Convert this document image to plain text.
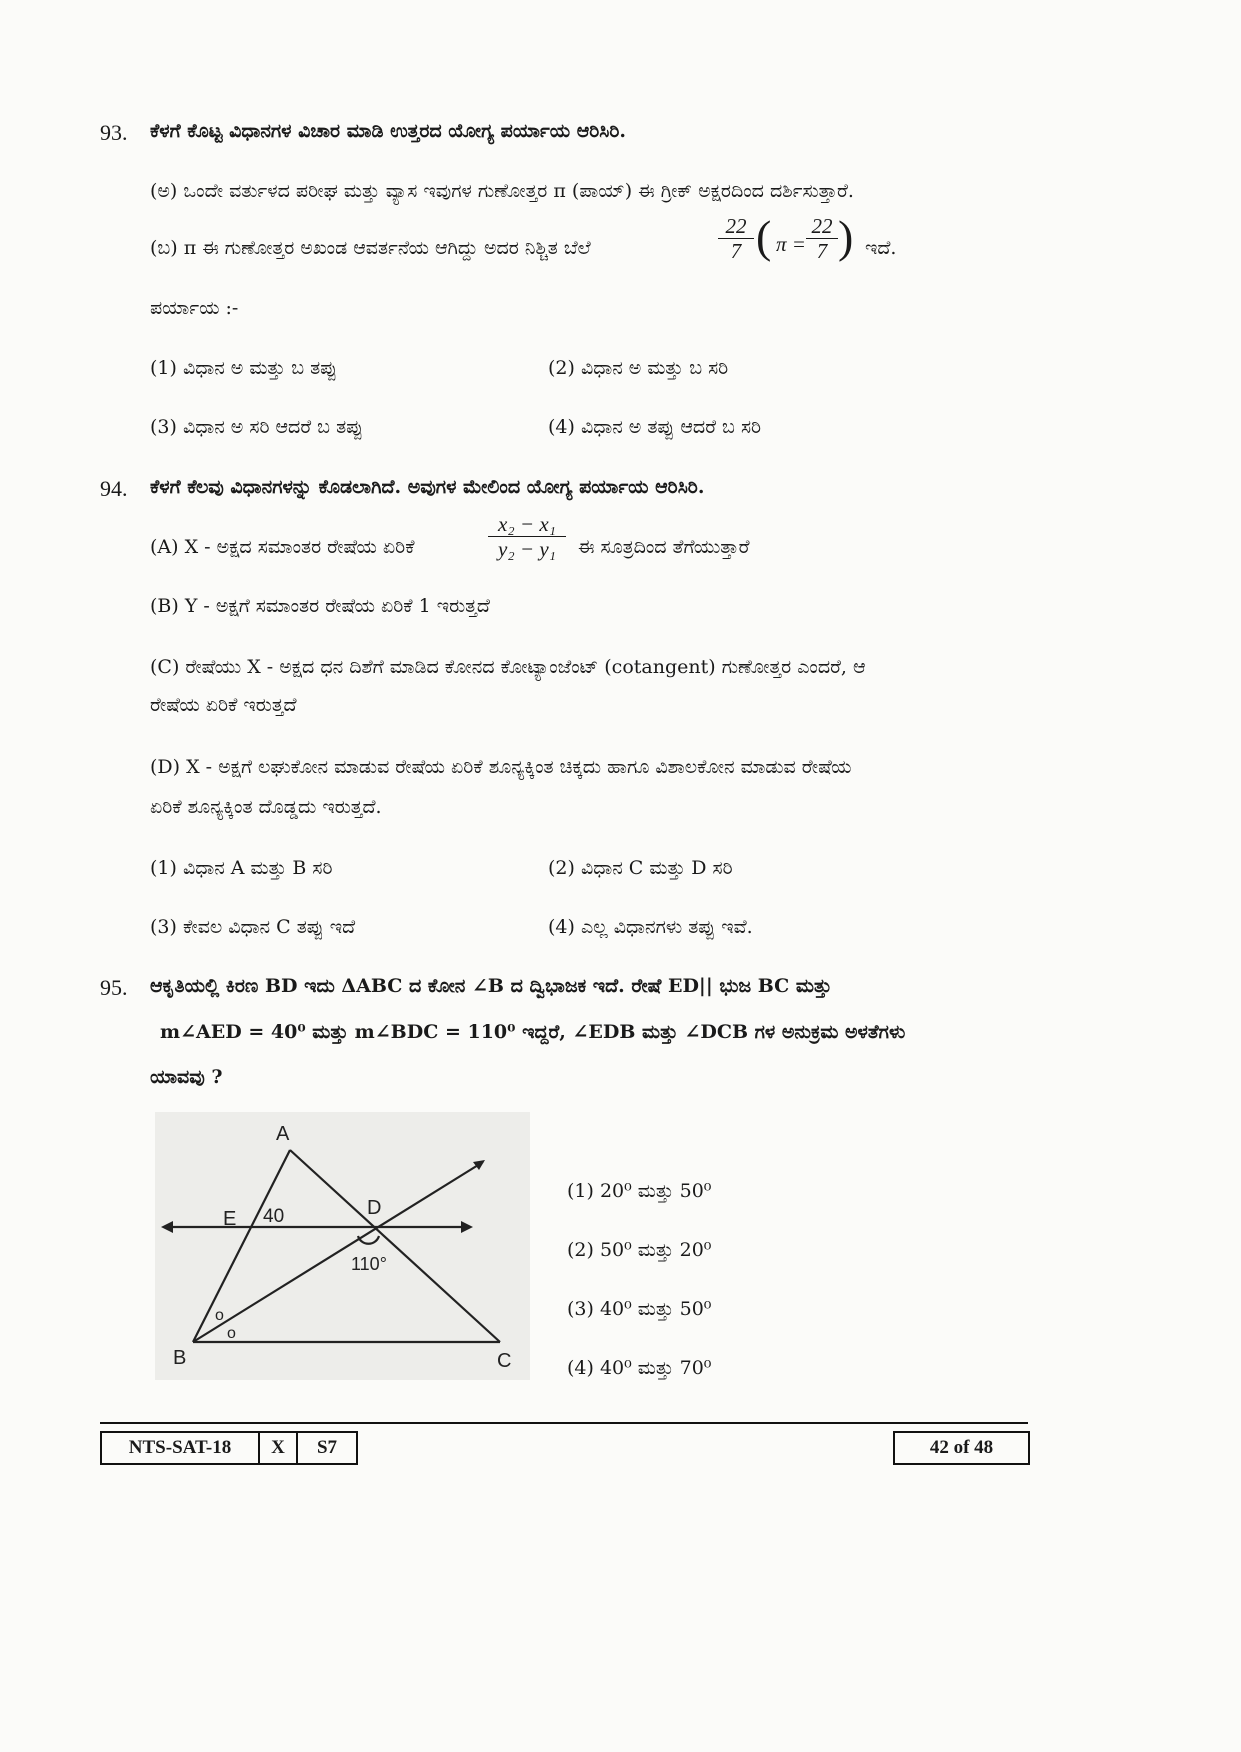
93. ಕೆಳಗೆ ಕೊಟ್ಟ ವಿಧಾನಗಳ ವಿಚಾರ ಮಾಡಿ ಉತ್ತರದ ಯೋಗ್ಯ ಪರ್ಯಾಯ ಆರಿಸಿರಿ.
(ಅ) ಒಂದೇ ವರ್ತುಳದ ಪರೀಘ ಮತ್ತು ವ್ಯಾಸ ಇವುಗಳ ಗುಣೋತ್ತರ π (ಪಾಯ್) ಈ ಗ್ರೀಕ್ ಅಕ್ಷರದಿಂದ ದರ್ಶಿಸುತ್ತಾರೆ.
(ಬ) π ಈ ಗುಣೋತ್ತರ ಅಖಂಡ ಆವರ್ತನೆಯ ಆಗಿದ್ದು ಅದರ ನಿಶ್ಚಿತ ಬೆಲೆ	$\frac{22}{7}$ ( $\pi = \frac{22}{7}$ ) ಇದೆ.
ಪರ್ಯಾಯ :-
(1) ವಿಧಾನ ಅ ಮತ್ತು ಬ ತಪ್ಪು	(2) ವಿಧಾನ ಅ ಮತ್ತು ಬ ಸರಿ
(3) ವಿಧಾನ ಅ ಸರಿ ಆದರೆ ಬ ತಪ್ಪು	(4) ವಿಧಾನ ಅ ತಪ್ಪು ಆದರೆ ಬ ಸರಿ
94. ಕೆಳಗೆ ಕೆಲವು ವಿಧಾನಗಳನ್ನು ಕೊಡಲಾಗಿದೆ. ಅವುಗಳ ಮೇಲಿಂದ ಯೋಗ್ಯ ಪರ್ಯಾಯ ಆರಿಸಿರಿ.
(A) X - ಅಕ್ಷದ ಸಮಾಂತರ ರೇಷೆಯ ಏರಿಕೆ	$\frac{\text{x₂ − x₁}}{\text{y₂ − y₁}}$ ಈ ಸೂತ್ರದಿಂದ ತೆಗೆಯುತ್ತಾರೆ
(B) Y - ಅಕ್ಷಗೆ ಸಮಾಂತರ ರೇಷೆಯ ಏರಿಕೆ 1 ಇರುತ್ತದೆ
(C) ರೇಷೆಯು X - ಅಕ್ಷದ ಧನ ದಿಶೆಗೆ ಮಾಡಿದ ಕೋನದ ಕೋಟ್ಯಾಂಜೆಂಟ್ (cotangent) ಗುಣೋತ್ತರ ಎಂದರೆ, ಆ
ರೇಷೆಯ ಏರಿಕೆ ಇರುತ್ತದೆ
(D) X - ಅಕ್ಷಗೆ ಲಘುಕೋನ ಮಾಡುವ ರೇಷೆಯ ಏರಿಕೆ ಶೂನ್ಯಕ್ಕಿಂತ ಚಿಕ್ಕದು ಹಾಗೂ ವಿಶಾಲಕೋನ ಮಾಡುವ ರೇಷೆಯ
ಏರಿಕೆ ಶೂನ್ಯಕ್ಕಿಂತ ದೊಡ್ಡದು ಇರುತ್ತದೆ.
(1) ವಿಧಾನ A ಮತ್ತು B ಸರಿ	(2) ವಿಧಾನ C ಮತ್ತು D ಸರಿ
(3) ಕೇವಲ ವಿಧಾನ C ತಪ್ಪು ಇದೆ	(4) ಎಲ್ಲ ವಿಧಾನಗಳು ತಪ್ಪು ಇವೆ.
95. ಆಕೃತಿಯಲ್ಲಿ ಕಿರಣ BD ಇದು ΔABC ದ ಕೋನ ∠B ದ ದ್ವಿಭಾಜಕ ಇದೆ. ರೇಷೆ ED|| ಭುಜ BC ಮತ್ತು
m∠AED = 40⁰ ಮತ್ತು m∠BDC = 110⁰ ಇದ್ದರೆ, ∠EDB ಮತ್ತು ∠DCB ಗಳ ಅನುಕ್ರಮ ಅಳತೆಗಳು
ಯಾವವು ?
A
B	C
D
E 40
110°
o
o
(1) 20⁰ ಮತ್ತು 50⁰
(2) 50⁰ ಮತ್ತು 20⁰
(3) 40⁰ ಮತ್ತು 50⁰
(4) 40⁰ ಮತ್ತು 70⁰
NTS-SAT-18	X	S7	42 of 48
